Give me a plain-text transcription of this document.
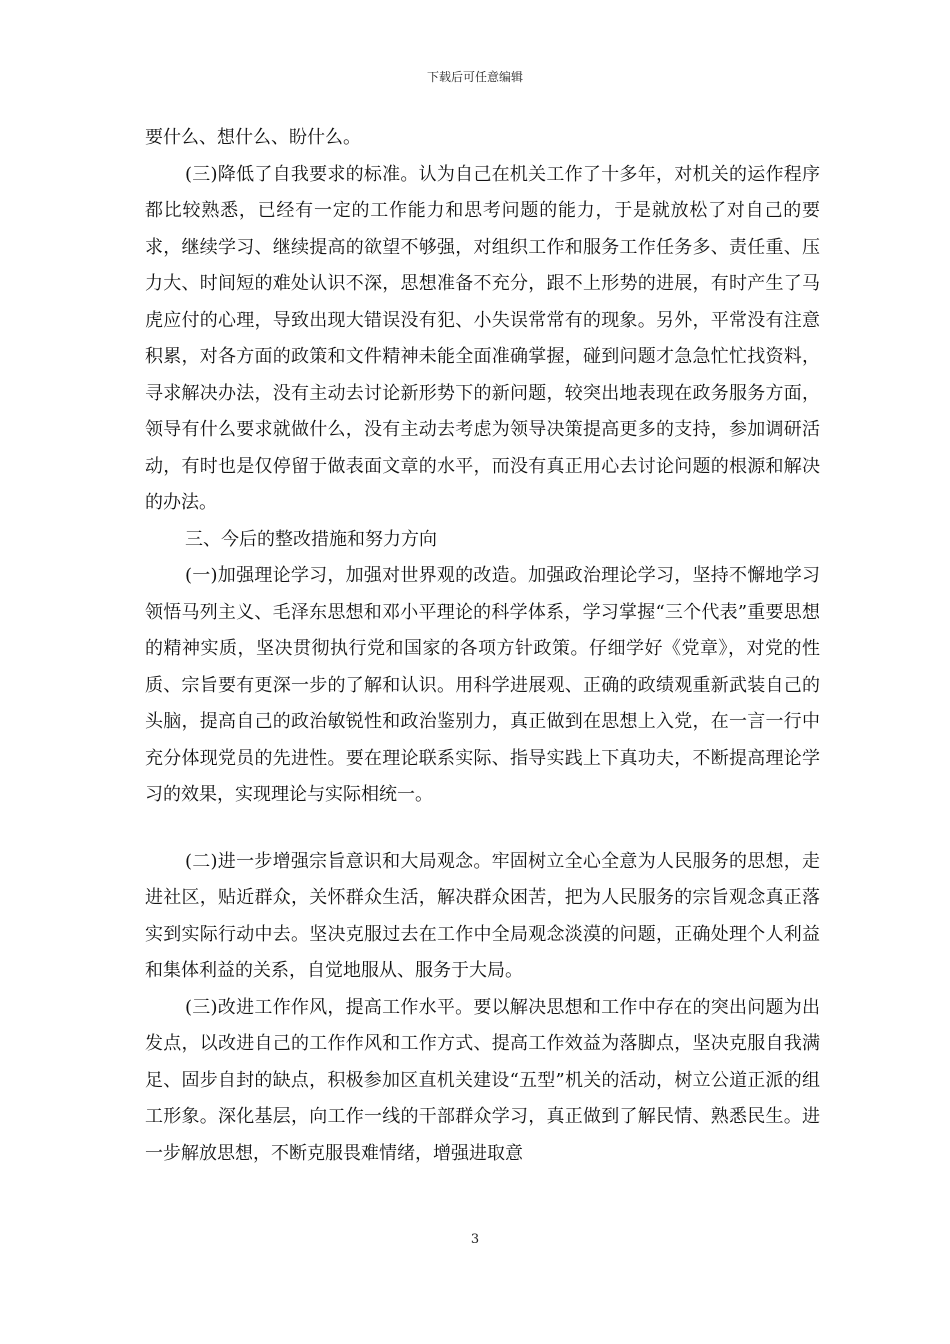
下载后可任意编辑

要什么、想什么、盼什么。

(三)降低了自我要求的标准。认为自己在机关工作了十多年，对机关的运作程序都比较熟悉，已经有一定的工作能力和思考问题的能力，于是就放松了对自己的要求，继续学习、继续提高的欲望不够强，对组织工作和服务工作任务多、责任重、压力大、时间短的难处认识不深，思想准备不充分，跟不上形势的进展，有时产生了马虎应付的心理，导致出现大错误没有犯、小失误常常有的现象。另外，平常没有注意积累，对各方面的政策和文件精神未能全面准确掌握，碰到问题才急急忙忙找资料，寻求解决办法，没有主动去讨论新形势下的新问题，较突出地表现在政务服务方面，领导有什么要求就做什么，没有主动去考虑为领导决策提高更多的支持，参加调研活动，有时也是仅停留于做表面文章的水平，而没有真正用心去讨论问题的根源和解决的办法。

三、今后的整改措施和努力方向

(一)加强理论学习，加强对世界观的改造。加强政治理论学习，坚持不懈地学习领悟马列主义、毛泽东思想和邓小平理论的科学体系，学习掌握“三个代表”重要思想的精神实质，坚决贯彻执行党和国家的各项方针政策。仔细学好《党章》，对党的性质、宗旨要有更深一步的了解和认识。用科学进展观、正确的政绩观重新武装自己的头脑，提高自己的政治敏锐性和政治鉴别力，真正做到在思想上入党，在一言一行中充分体现党员的先进性。要在理论联系实际、指导实践上下真功夫，不断提高理论学习的效果，实现理论与实际相统一。

(二)进一步增强宗旨意识和大局观念。牢固树立全心全意为人民服务的思想，走进社区，贴近群众，关怀群众生活，解决群众困苦，把为人民服务的宗旨观念真正落实到实际行动中去。坚决克服过去在工作中全局观念淡漠的问题，正确处理个人利益和集体利益的关系，自觉地服从、服务于大局。

(三)改进工作作风，提高工作水平。要以解决思想和工作中存在的突出问题为出发点，以改进自己的工作作风和工作方式、提高工作效益为落脚点，坚决克服自我满足、固步自封的缺点，积极参加区直机关建设“五型”机关的活动，树立公道正派的组工形象。深化基层，向工作一线的干部群众学习，真正做到了解民情、熟悉民生。进一步解放思想，不断克服畏难情绪，增强进取意

3
